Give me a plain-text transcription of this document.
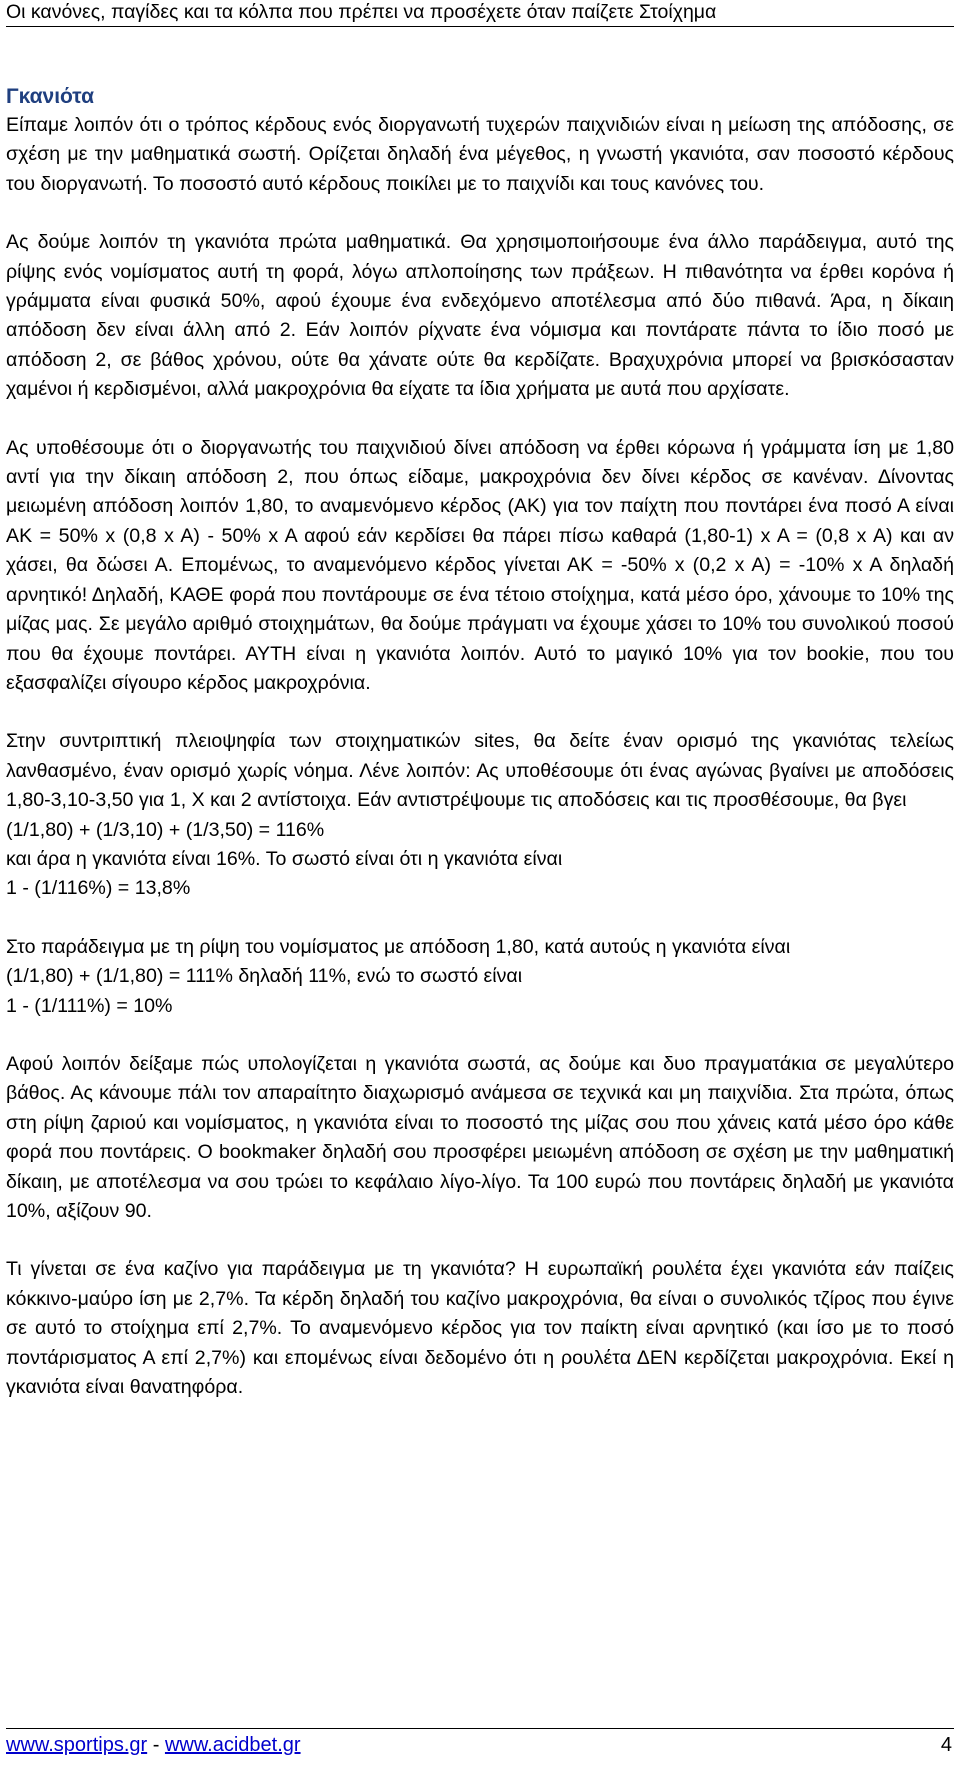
Οι κανόνες, παγίδες και τα κόλπα που πρέπει να προσέχετε όταν παίζετε Στοίχημα
Γκανιότα

Είπαμε λοιπόν ότι ο τρόπος κέρδους ενός διοργανωτή τυχερών παιχνιδιών είναι η μείωση της απόδοσης, σε σχέση με την μαθηματικά σωστή. Ορίζεται δηλαδή ένα μέγεθος, η γνωστή γκανιότα, σαν ποσοστό κέρδους του διοργανωτή. Το ποσοστό αυτό κέρδους ποικίλει με το παιχνίδι και τους κανόνες του.

Ας δούμε λοιπόν τη γκανιότα πρώτα μαθηματικά. Θα χρησιμοποιήσουμε ένα άλλο παράδειγμα, αυτό της ρίψης ενός νομίσματος αυτή τη φορά, λόγω απλοποίησης των πράξεων. Η πιθανότητα να έρθει κορόνα ή γράμματα είναι φυσικά 50%, αφού έχουμε ένα ενδεχόμενο αποτέλεσμα από δύο πιθανά. Άρα, η δίκαιη απόδοση δεν είναι άλλη από 2. Εάν λοιπόν ρίχνατε ένα νόμισμα και ποντάρατε πάντα το ίδιο ποσό με απόδοση 2, σε βάθος χρόνου, ούτε θα χάνατε ούτε θα κερδίζατε. Βραχυχρόνια μπορεί να βρισκόσασταν χαμένοι ή κερδισμένοι, αλλά μακροχρόνια θα είχατε τα ίδια χρήματα με αυτά που αρχίσατε.

Ας υποθέσουμε ότι ο διοργανωτής του παιχνιδιού δίνει απόδοση να έρθει κόρωνα ή γράμματα ίση με 1,80 αντί για την δίκαιη απόδοση 2, που όπως είδαμε, μακροχρόνια δεν δίνει κέρδος σε κανέναν. Δίνοντας μειωμένη απόδοση λοιπόν 1,80, το αναμενόμενο κέρδος (ΑΚ) για τον παίχτη που ποντάρει ένα ποσό Α είναι ΑΚ = 50% x (0,8 x A) - 50% x A αφού εάν κερδίσει θα πάρει πίσω καθαρά (1,80-1) x A = (0,8 x A) και αν χάσει, θα δώσει Α. Επομένως, το αναμενόμενο κέρδος γίνεται ΑΚ = -50% x (0,2 x A) = -10% x A δηλαδή αρνητικό! Δηλαδή, ΚΑΘΕ φορά που ποντάρουμε σε ένα τέτοιο στοίχημα, κατά μέσο όρο, χάνουμε το 10% της μίζας μας. Σε μεγάλο αριθμό στοιχημάτων, θα δούμε πράγματι να έχουμε χάσει το 10% του συνολικού ποσού που θα έχουμε ποντάρει. ΑΥΤΗ είναι η γκανιότα λοιπόν. Αυτό το μαγικό 10% για τον bookie, που του εξασφαλίζει σίγουρο κέρδος μακροχρόνια.

Στην συντριπτική πλειοψηφία των στοιχηματικών sites, θα δείτε έναν ορισμό της γκανιότας τελείως λανθασμένο, έναν ορισμό χωρίς νόημα. Λένε λοιπόν: Ας υποθέσουμε ότι ένας αγώνας βγαίνει με αποδόσεις 1,80-3,10-3,50 για 1, Χ και 2 αντίστοιχα. Εάν αντιστρέψουμε τις αποδόσεις και τις προσθέσουμε, θα βγει
(1/1,80) + (1/3,10) + (1/3,50) = 116%
και άρα η γκανιότα είναι 16%. Το σωστό είναι ότι η γκανιότα είναι
1 - (1/116%) = 13,8%
Στο παράδειγμα με τη ρίψη του νομίσματος με απόδοση 1,80, κατά αυτούς η γκανιότα είναι
(1/1,80) + (1/1,80) = 111% δηλαδή 11%, ενώ το σωστό είναι
1 - (1/111%) = 10%

Αφού λοιπόν δείξαμε πώς υπολογίζεται η γκανιότα σωστά, ας δούμε και δυο πραγματάκια σε μεγαλύτερο βάθος. Ας κάνουμε πάλι τον απαραίτητο διαχωρισμό ανάμεσα σε τεχνικά και μη παιχνίδια. Στα πρώτα, όπως στη ρίψη ζαριού και νομίσματος, η γκανιότα είναι το ποσοστό της μίζας σου που χάνεις κατά μέσο όρο κάθε φορά που ποντάρεις. Ο bookmaker δηλαδή σου προσφέρει μειωμένη απόδοση σε σχέση με την μαθηματική δίκαιη, με αποτέλεσμα να σου τρώει το κεφάλαιο λίγο-λίγο. Τα 100 ευρώ που ποντάρεις δηλαδή με γκανιότα 10%, αξίζουν 90.

Τι γίνεται σε ένα καζίνο για παράδειγμα με τη γκανιότα? Η ευρωπαϊκή ρουλέτα έχει γκανιότα εάν παίζεις κόκκινο-μαύρο ίση με 2,7%. Τα κέρδη δηλαδή του καζίνο μακροχρόνια, θα είναι ο συνολικός τζίρος που έγινε σε αυτό το στοίχημα επί 2,7%. Το αναμενόμενο κέρδος για τον παίκτη είναι αρνητικό (και ίσο με το ποσό ποντάρισματος Α επί 2,7%) και επομένως είναι δεδομένο ότι η ρουλέτα ΔΕΝ κερδίζεται μακροχρόνια. Εκεί η γκανιότα είναι θανατηφόρα.

www.sportips.gr - www.acidbet.gr	4
